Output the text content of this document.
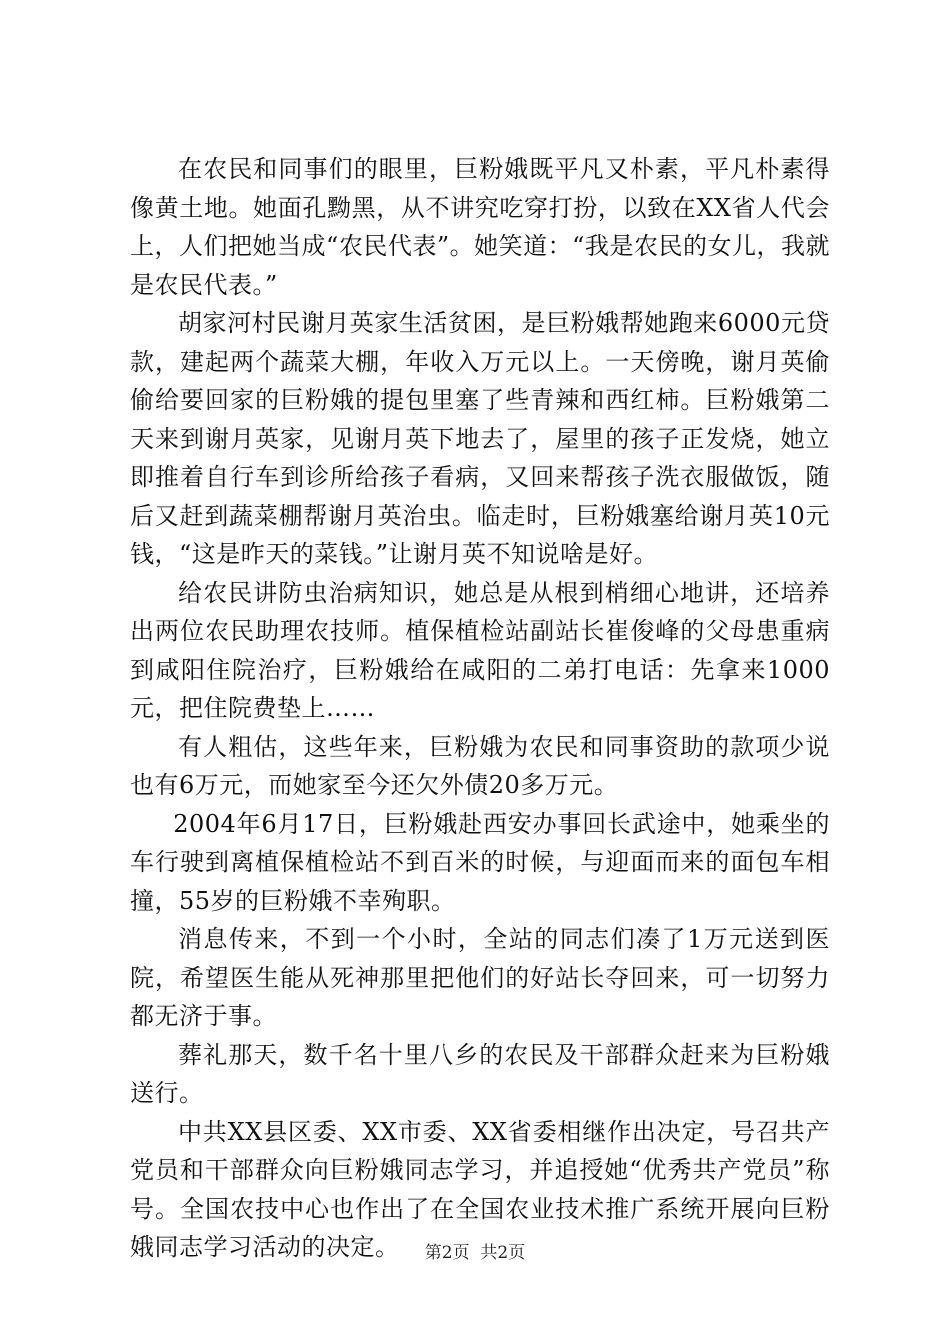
在农民和同事们的眼里，巨粉娥既平凡又朴素，平凡朴素得像黄土地。她面孔黝黑，从不讲究吃穿打扮，以致在XX省人代会上，人们把她当成“农民代表”。她笑道：“我是农民的女儿，我就是农民代表。”

胡家河村民谢月英家生活贫困，是巨粉娥帮她跑来6000元贷款，建起两个蔬菜大棚，年收入万元以上。一天傍晚，谢月英偷偷给要回家的巨粉娥的提包里塞了些青辣和西红柿。巨粉娥第二天来到谢月英家，见谢月英下地去了，屋里的孩子正发烧，她立即推着自行车到诊所给孩子看病，又回来帮孩子洗衣服做饭，随后又赶到蔬菜棚帮谢月英治虫。临走时，巨粉娥塞给谢月英10元钱，“这是昨天的菜钱。”让谢月英不知说啥是好。

给农民讲防虫治病知识，她总是从根到梢细心地讲，还培养出两位农民助理农技师。植保植检站副站长崔俊峰的父母患重病到咸阳住院治疗，巨粉娥给在咸阳的二弟打电话：先拿来1000元，把住院费垫上……

有人粗估，这些年来，巨粉娥为农民和同事资助的款项少说也有6万元，而她家至今还欠外债20多万元。

2004年6月17日，巨粉娥赴西安办事回长武途中，她乘坐的车行驶到离植保植检站不到百米的时候，与迎面而来的面包车相撞，55岁的巨粉娥不幸殉职。

消息传来，不到一个小时，全站的同志们凑了1万元送到医院，希望医生能从死神那里把他们的好站长夺回来，可一切努力都无济于事。

葬礼那天，数千名十里八乡的农民及干部群众赶来为巨粉娥送行。

中共XX县区委、XX市委、XX省委相继作出决定，号召共产党员和干部群众向巨粉娥同志学习，并追授她“优秀共产党员”称号。全国农技中心也作出了在全国农业技术推广系统开展向巨粉娥同志学习活动的决定。	第2页  共2页
